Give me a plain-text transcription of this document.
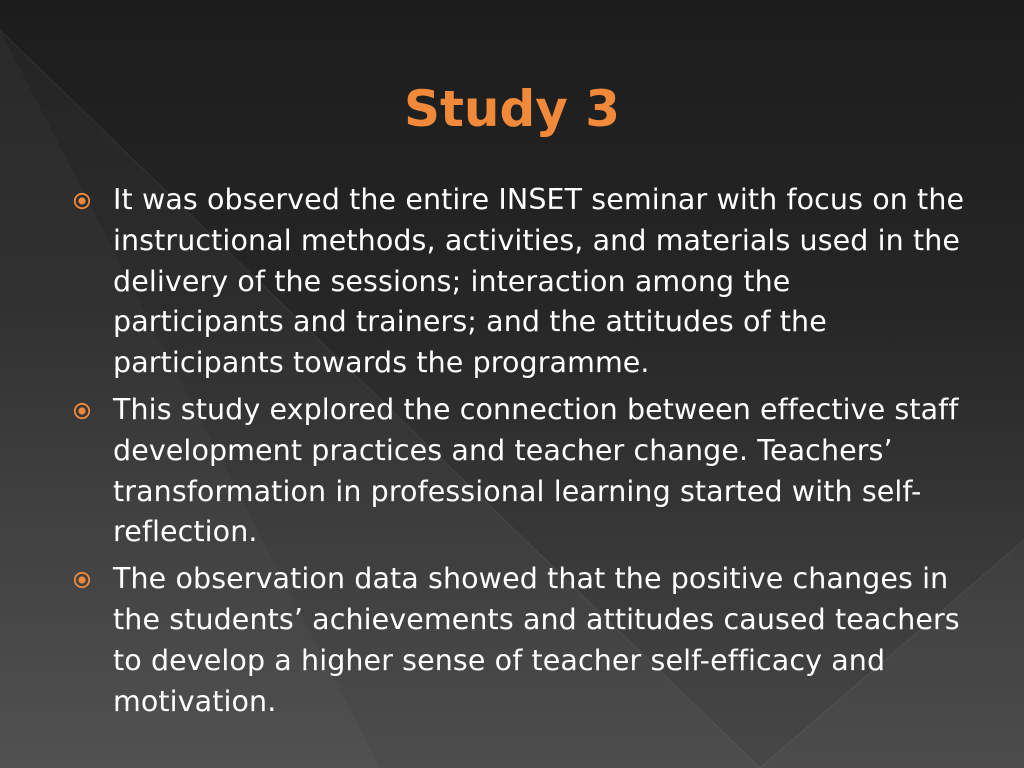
Study 3
It was observed the entire INSET seminar with focus on the instructional methods, activities, and materials used in the delivery of the sessions; interaction among the participants and trainers; and the attitudes of the participants towards the programme.
This study explored the connection between effective staff development practices and teacher change. Teachers’ transformation in professional learning started with self-reflection.
The observation data showed that the positive changes in the students’ achievements and attitudes caused teachers to develop a higher sense of teacher self-efficacy and motivation.
